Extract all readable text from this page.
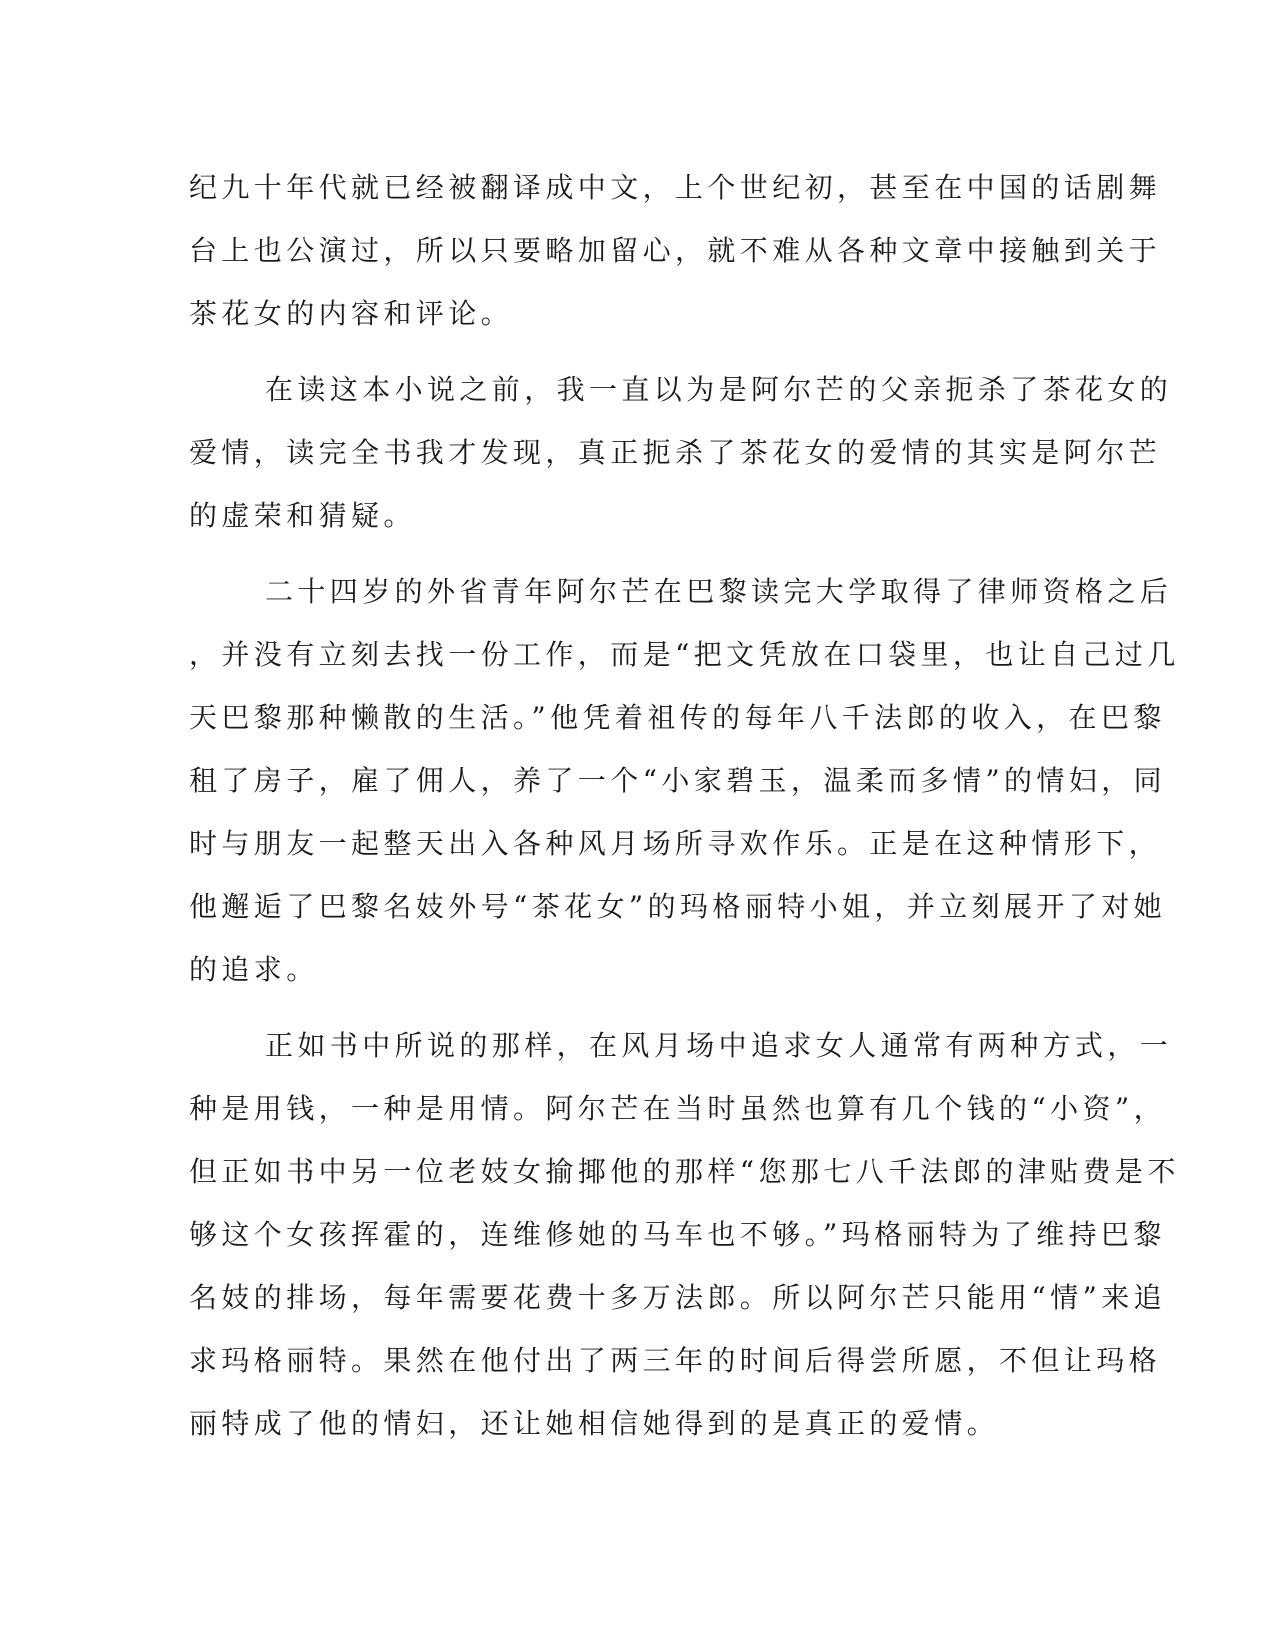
纪九十年代就已经被翻译成中文，上个世纪初，甚至在中国的话剧舞
台上也公演过，所以只要略加留心，就不难从各种文章中接触到关于
茶花女的内容和评论。
在读这本小说之前，我一直以为是阿尔芒的父亲扼杀了茶花女的
爱情，读完全书我才发现，真正扼杀了茶花女的爱情的其实是阿尔芒
的虚荣和猜疑。
二十四岁的外省青年阿尔芒在巴黎读完大学取得了律师资格之后
，并没有立刻去找一份工作，而是“把文凭放在口袋里，也让自己过几
天巴黎那种懒散的生活。”他凭着祖传的每年八千法郎的收入，在巴黎
租了房子，雇了佣人，养了一个“小家碧玉，温柔而多情”的情妇，同
时与朋友一起整天出入各种风月场所寻欢作乐。正是在这种情形下，
他邂逅了巴黎名妓外号“茶花女”的玛格丽特小姐，并立刻展开了对她
的追求。
正如书中所说的那样，在风月场中追求女人通常有两种方式，一
种是用钱，一种是用情。阿尔芒在当时虽然也算有几个钱的“小资”，
但正如书中另一位老妓女揄揶他的那样“您那七八千法郎的津贴费是不
够这个女孩挥霍的，连维修她的马车也不够。”玛格丽特为了维持巴黎
名妓的排场，每年需要花费十多万法郎。所以阿尔芒只能用“情”来追
求玛格丽特。果然在他付出了两三年的时间后得尝所愿，不但让玛格
丽特成了他的情妇，还让她相信她得到的是真正的爱情。
